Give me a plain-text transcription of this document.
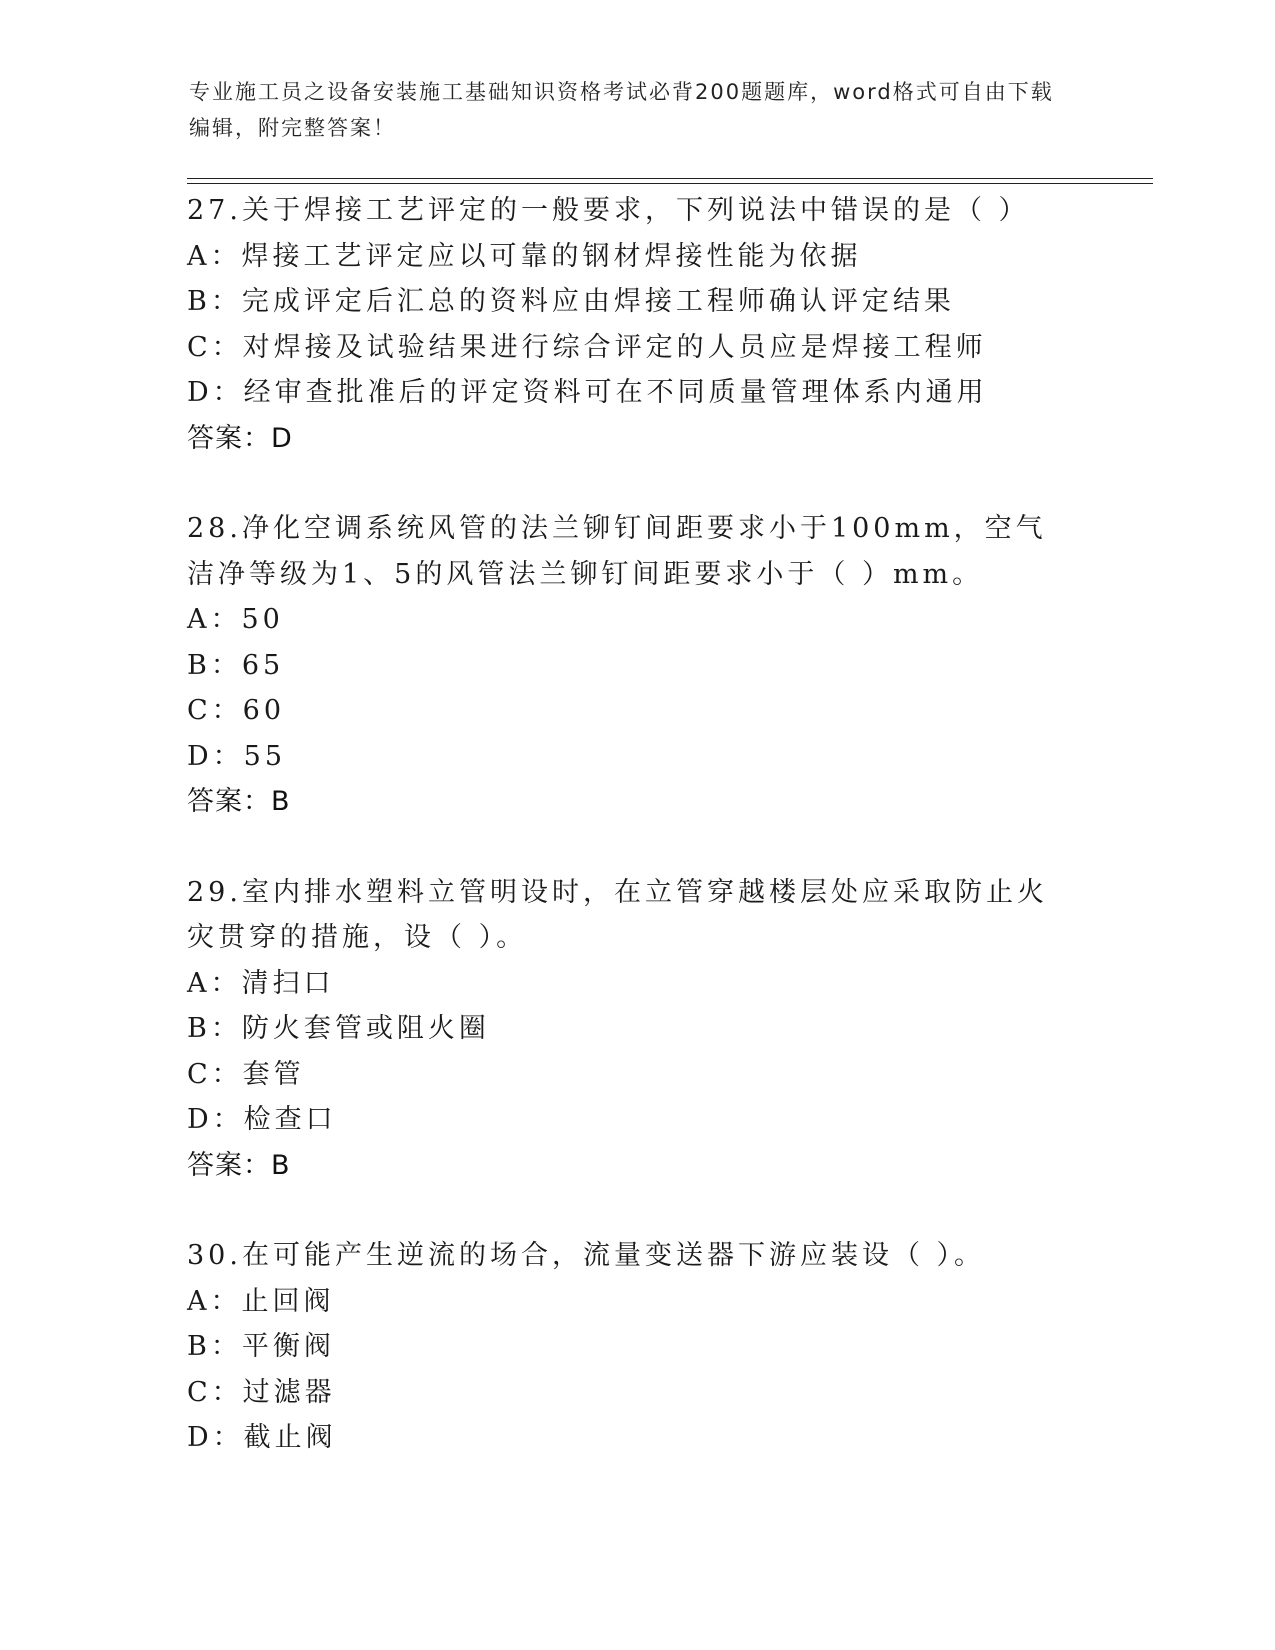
专业施工员之设备安装施工基础知识资格考试必背200题题库，word格式可自由下载编辑，附完整答案！
27.关于焊接工艺评定的一般要求，下列说法中错误的是（ ）
A：焊接工艺评定应以可靠的钢材焊接性能为依据
B：完成评定后汇总的资料应由焊接工程师确认评定结果
C：对焊接及试验结果进行综合评定的人员应是焊接工程师
D：经审查批准后的评定资料可在不同质量管理体系内通用
答案：D
28.净化空调系统风管的法兰铆钉间距要求小于100mm，空气洁净等级为1、5的风管法兰铆钉间距要求小于（ ）mm。
A：50
B：65
C：60
D：55
答案：B
29.室内排水塑料立管明设时，在立管穿越楼层处应采取防止火灾贯穿的措施，设（ ）。
A：清扫口
B：防火套管或阻火圈
C：套管
D：检查口
答案：B
30.在可能产生逆流的场合，流量变送器下游应装设（ ）。
A：止回阀
B：平衡阀
C：过滤器
D：截止阀
